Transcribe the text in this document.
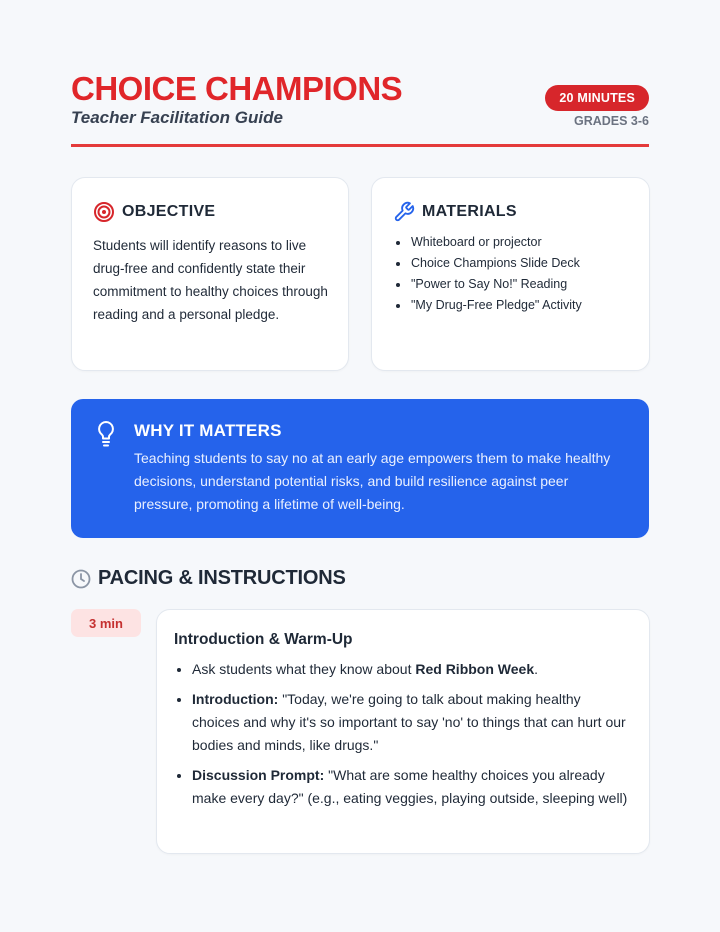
CHOICE CHAMPIONS
Teacher Facilitation Guide
20 MINUTES
GRADES 3-6
OBJECTIVE
Students will identify reasons to live drug-free and confidently state their commitment to healthy choices through reading and a personal pledge.
MATERIALS
Whiteboard or projector
Choice Champions Slide Deck
"Power to Say No!" Reading
"My Drug-Free Pledge" Activity
WHY IT MATTERS
Teaching students to say no at an early age empowers them to make healthy decisions, understand potential risks, and build resilience against peer pressure, promoting a lifetime of well-being.
PACING & INSTRUCTIONS
3 min
Introduction & Warm-Up
Ask students what they know about Red Ribbon Week.
Introduction: "Today, we're going to talk about making healthy choices and why it's so important to say 'no' to things that can hurt our bodies and minds, like drugs."
Discussion Prompt: "What are some healthy choices you already make every day?" (e.g., eating veggies, playing outside, sleeping well)
